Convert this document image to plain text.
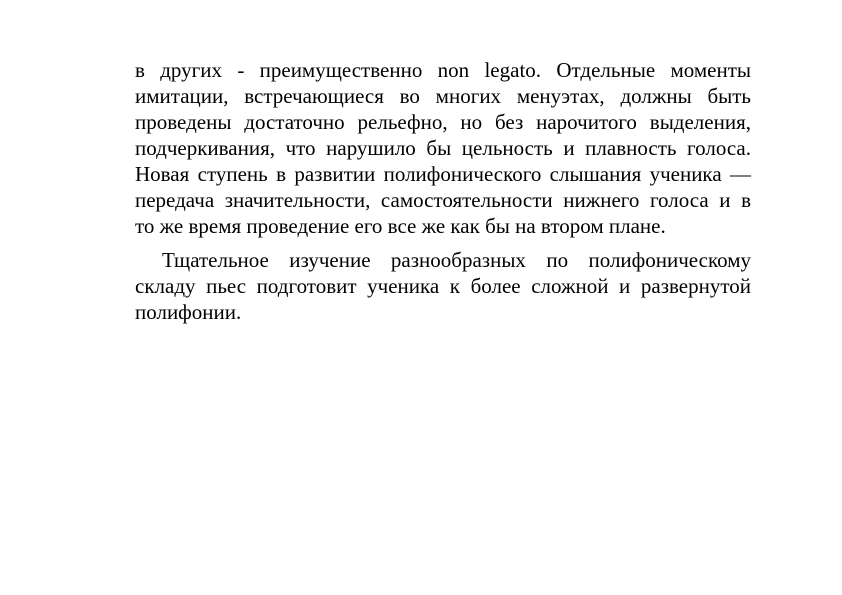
в других - преимущественно non legato. Отдельные моменты
имитации, встречающиеся во многих менуэтах, должны быть
проведены достаточно рельефно, но без нарочитого выделения,
подчеркивания, что нарушило бы цельность и плавность голоса.
Новая ступень в развитии полифонического слышания ученика —
передача значительности, самостоятельности нижнего голоса и в
то же время проведение его все же как бы на втором плане.
Тщательное изучение разнообразных по полифоническому
складу пьес подготовит ученика к более сложной и развернутой
полифонии.
